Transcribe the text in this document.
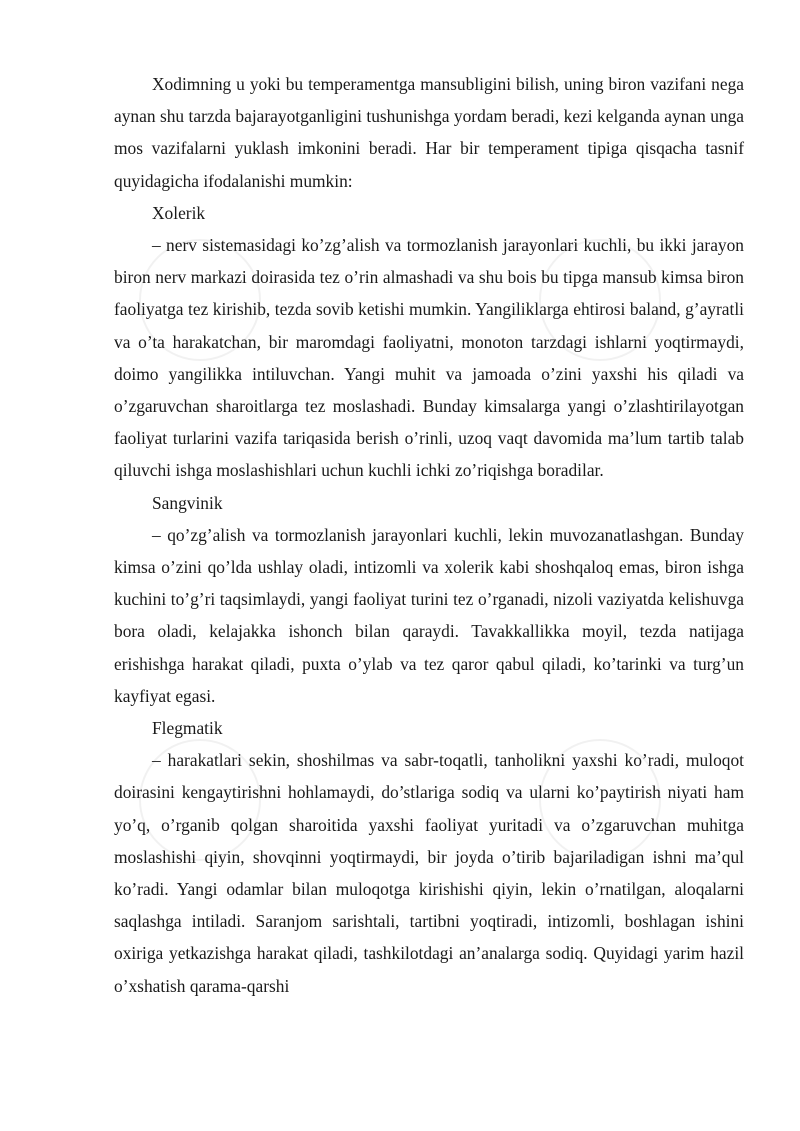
Xodimning u yoki bu temperamentga mansubligini bilish, uning biron vazifani nega aynan shu tarzda bajarayotganligini tushunishga yordam beradi, kezi kelganda aynan unga mos vazifalarni yuklash imkonini beradi. Har bir temperament tipiga qisqacha tasnif quyidagicha ifodalanishi mumkin:

Xolerik

– nerv sistemasidagi ko’zg’alish va tormozlanish jarayonlari kuchli, bu ikki jarayon biron nerv markazi doirasida tez o’rin almashadi va shu bois bu tipga mansub kimsa biron faoliyatga tez kirishib, tezda sovib ketishi mumkin. Yangiliklarga ehtirosi baland, g’ayratli va o’ta harakatchan, bir maromdagi faoliyatni, monoton tarzdagi ishlarni yoqtirmaydi, doimo yangilikka intiluvchan. Yangi muhit va jamoada o’zini yaxshi his qiladi va o’zgaruvchan sharoitlarga tez moslashadi. Bunday kimsalarga yangi o’zlashtirilayotgan faoliyat turlarini vazifa tariqasida berish o’rinli, uzoq vaqt davomida ma’lum tartib talab qiluvchi ishga moslashishlari uchun kuchli ichki zo’riqishga boradilar.

Sangvinik

– qo’zg’alish va tormozlanish jarayonlari kuchli, lekin muvozanatlashgan. Bunday kimsa o’zini qo’lda ushlay oladi, intizomli va xolerik kabi shoshqaloq emas, biron ishga kuchini to’g’ri taqsimlaydi, yangi faoliyat turini tez o’rganadi, nizoli vaziyatda kelishuvga bora oladi, kelajakka ishonch bilan qaraydi. Tavakkallikka moyil, tezda natijaga erishishga harakat qiladi, puxta o’ylab va tez qaror qabul qiladi, ko’tarinki va turg’un kayfiyat egasi.

Flegmatik

– harakatlari sekin, shoshilmas va sabr-toqatli, tanholikni yaxshi ko’radi, muloqot doirasini kengaytirishni hohlamaydi, do’stlariga sodiq va ularni ko’paytirish niyati ham yo’q, o’rganib qolgan sharoitida yaxshi faoliyat yuritadi va o’zgaruvchan muhitga moslashishi qiyin, shovqinni yoqtirmaydi, bir joyda o’tirib bajariladigan ishni ma’qul ko’radi. Yangi odamlar bilan muloqotga kirishishi qiyin, lekin o’rnatilgan, aloqalarni saqlashga intiladi. Saranjom sarishtali, tartibni yoqtiradi, intizomli, boshlagan ishini oxiriga yetkazishga harakat qiladi, tashkilotdagi an’analarga sodiq. Quyidagi yarim hazil o’xshatish qarama-qarshi
